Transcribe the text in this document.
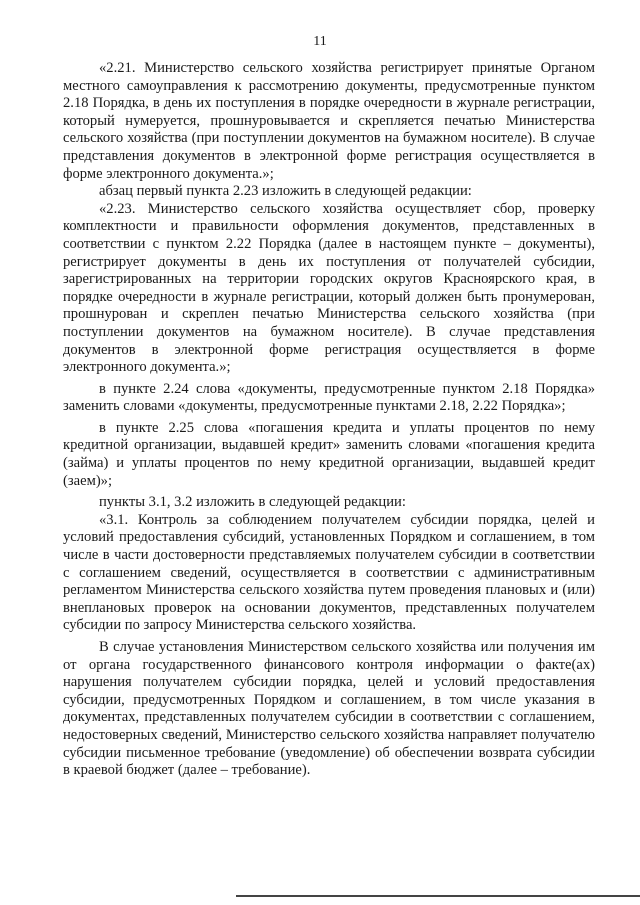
11

«2.21. Министерство сельского хозяйства регистрирует принятые Органом местного самоуправления к рассмотрению документы, предусмотренные пунктом 2.18 Порядка, в день их поступления в порядке очередности в журнале регистрации, который нумеруется, прошнуровывается и скрепляется печатью Министерства сельского хозяйства (при поступлении документов на бумажном носителе). В случае представления документов в электронной форме регистрация осуществляется в форме электронного документа.»;

абзац первый пункта 2.23 изложить в следующей редакции:

«2.23. Министерство сельского хозяйства осуществляет сбор, проверку комплектности и правильности оформления документов, представленных в соответствии с пунктом 2.22 Порядка (далее в настоящем пункте – документы), регистрирует документы в день их поступления от получателей субсидии, зарегистрированных на территории городских округов Красноярского края, в порядке очередности в журнале регистрации, который должен быть пронумерован, прошнурован и скреплен печатью Министерства сельского хозяйства (при поступлении документов на бумажном носителе). В случае представления документов в электронной форме регистрация осуществляется в форме электронного документа.»;

в пункте 2.24 слова «документы, предусмотренные пунктом 2.18 Порядка» заменить словами «документы, предусмотренные пунктами 2.18, 2.22 Порядка»;

в пункте 2.25 слова «погашения кредита и уплаты процентов по нему кредитной организации, выдавшей кредит» заменить словами «погашения кредита (займа) и уплаты процентов по нему кредитной организации, выдавшей кредит (заем)»;

пункты 3.1, 3.2 изложить в следующей редакции:

«3.1. Контроль за соблюдением получателем субсидии порядка, целей и условий предоставления субсидий, установленных Порядком и соглашением, в том числе в части достоверности представляемых получателем субсидии в соответствии с соглашением сведений, осуществляется в соответствии с административным регламентом Министерства сельского хозяйства путем проведения плановых и (или) внеплановых проверок на основании документов, представленных получателем субсидии по запросу Министерства сельского хозяйства.

В случае установления Министерством сельского хозяйства или получения им от органа государственного финансового контроля информации о факте(ах) нарушения получателем субсидии порядка, целей и условий предоставления субсидии, предусмотренных Порядком и соглашением, в том числе указания в документах, представленных получателем субсидии в соответствии с соглашением, недостоверных сведений, Министерство сельского хозяйства направляет получателю субсидии письменное требование (уведомление) об обеспечении возврата субсидии в краевой бюджет (далее – требование).
